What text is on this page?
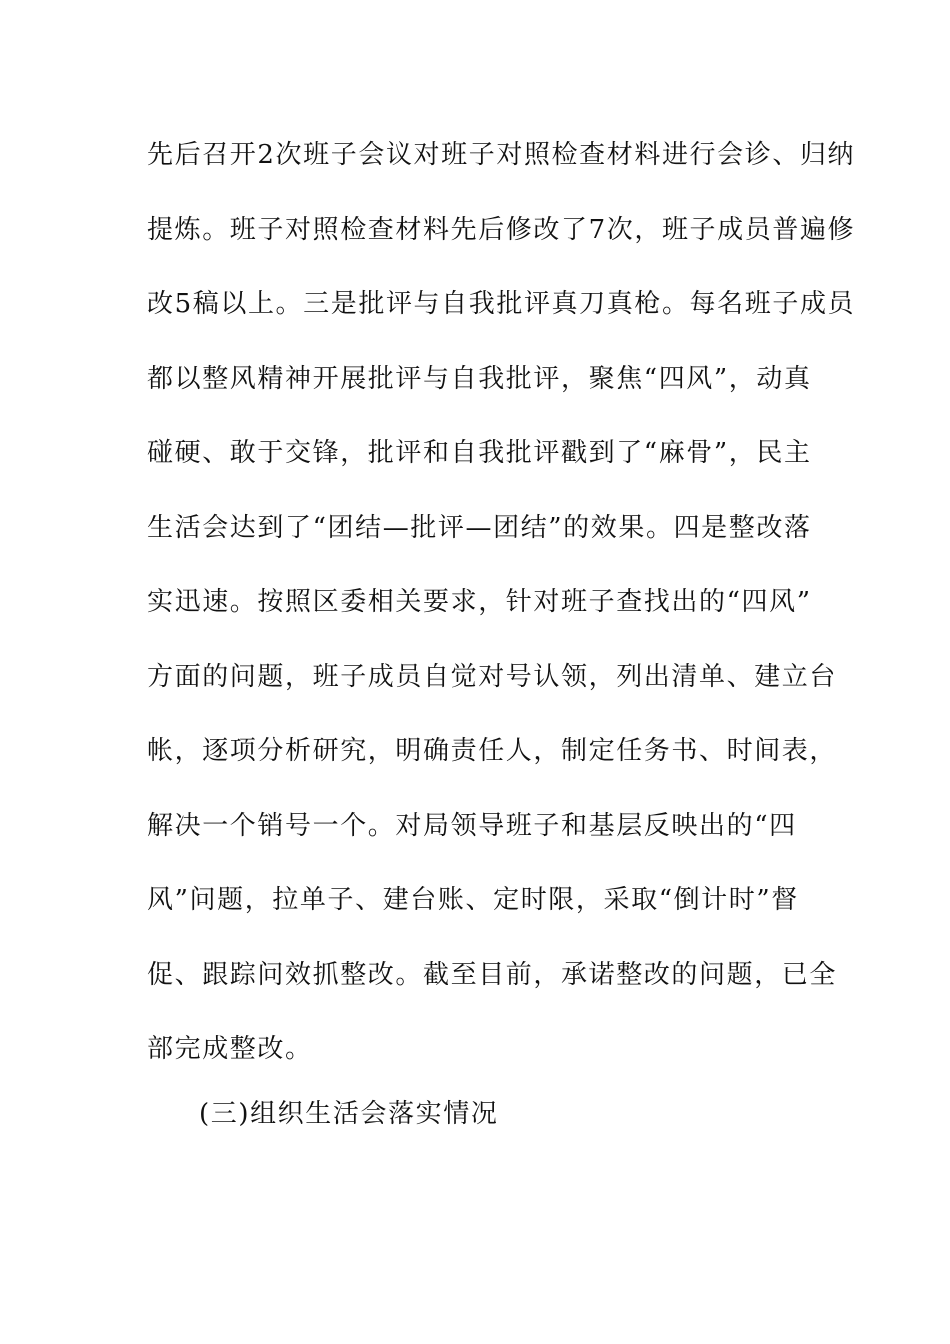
先后召开2次班子会议对班子对照检查材料进行会诊、归纳
提炼。班子对照检查材料先后修改了7次，班子成员普遍修
改5稿以上。三是批评与自我批评真刀真枪。每名班子成员
都以整风精神开展批评与自我批评，聚焦“四风”，动真
碰硬、敢于交锋，批评和自我批评戳到了“麻骨”，民主
生活会达到了“团结—批评—团结”的效果。四是整改落
实迅速。按照区委相关要求，针对班子查找出的“四风”
方面的问题，班子成员自觉对号认领，列出清单、建立台
帐，逐项分析研究，明确责任人，制定任务书、时间表，
解决一个销号一个。对局领导班子和基层反映出的“四
风”问题，拉单子、建台账、定时限，采取“倒计时”督
促、跟踪问效抓整改。截至目前，承诺整改的问题，已全
部完成整改。
(三)组织生活会落实情况
